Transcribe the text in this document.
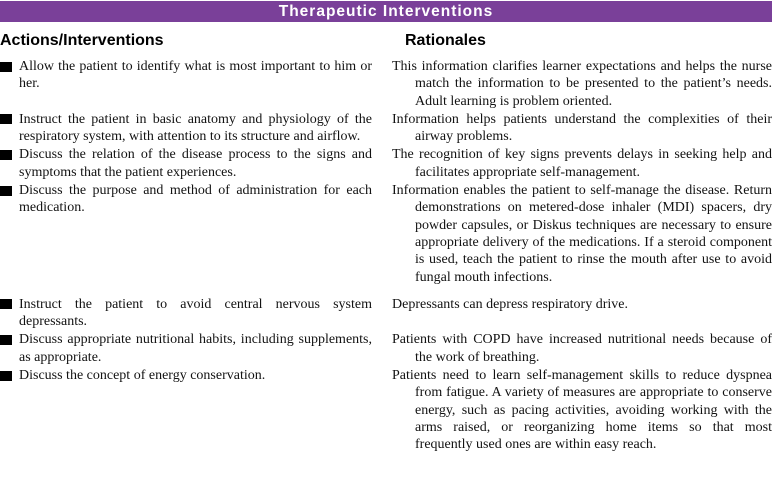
Therapeutic Interventions
Actions/Interventions	Rationales
Allow the patient to identify what is most important to him or her.
This information clarifies learner expectations and helps the nurse match the information to be presented to the patient’s needs. Adult learning is problem oriented.
Instruct the patient in basic anatomy and physiology of the respiratory system, with attention to its structure and airflow.
Information helps patients understand the complexities of their airway problems.
Discuss the relation of the disease process to the signs and symptoms that the patient experiences.
The recognition of key signs prevents delays in seeking help and facilitates appropriate self-management.
Discuss the purpose and method of administration for each medication.
Information enables the patient to self-manage the disease. Return demonstrations on metered-dose inhaler (MDI) spacers, dry powder capsules, or Diskus techniques are necessary to ensure appropriate delivery of the medications. If a steroid component is used, teach the patient to rinse the mouth after use to avoid fungal mouth infections.
Instruct the patient to avoid central nervous system depressants.
Depressants can depress respiratory drive.
Discuss appropriate nutritional habits, including supplements, as appropriate.
Patients with COPD have increased nutritional needs because of the work of breathing.
Discuss the concept of energy conservation.	Patients need to learn self-management skills to reduce dyspnea from fatigue. A variety of measures are appropriate to conserve energy, such as pacing activities, avoiding working with the arms raised, or reorganizing home items so that most frequently used ones are within easy reach.
